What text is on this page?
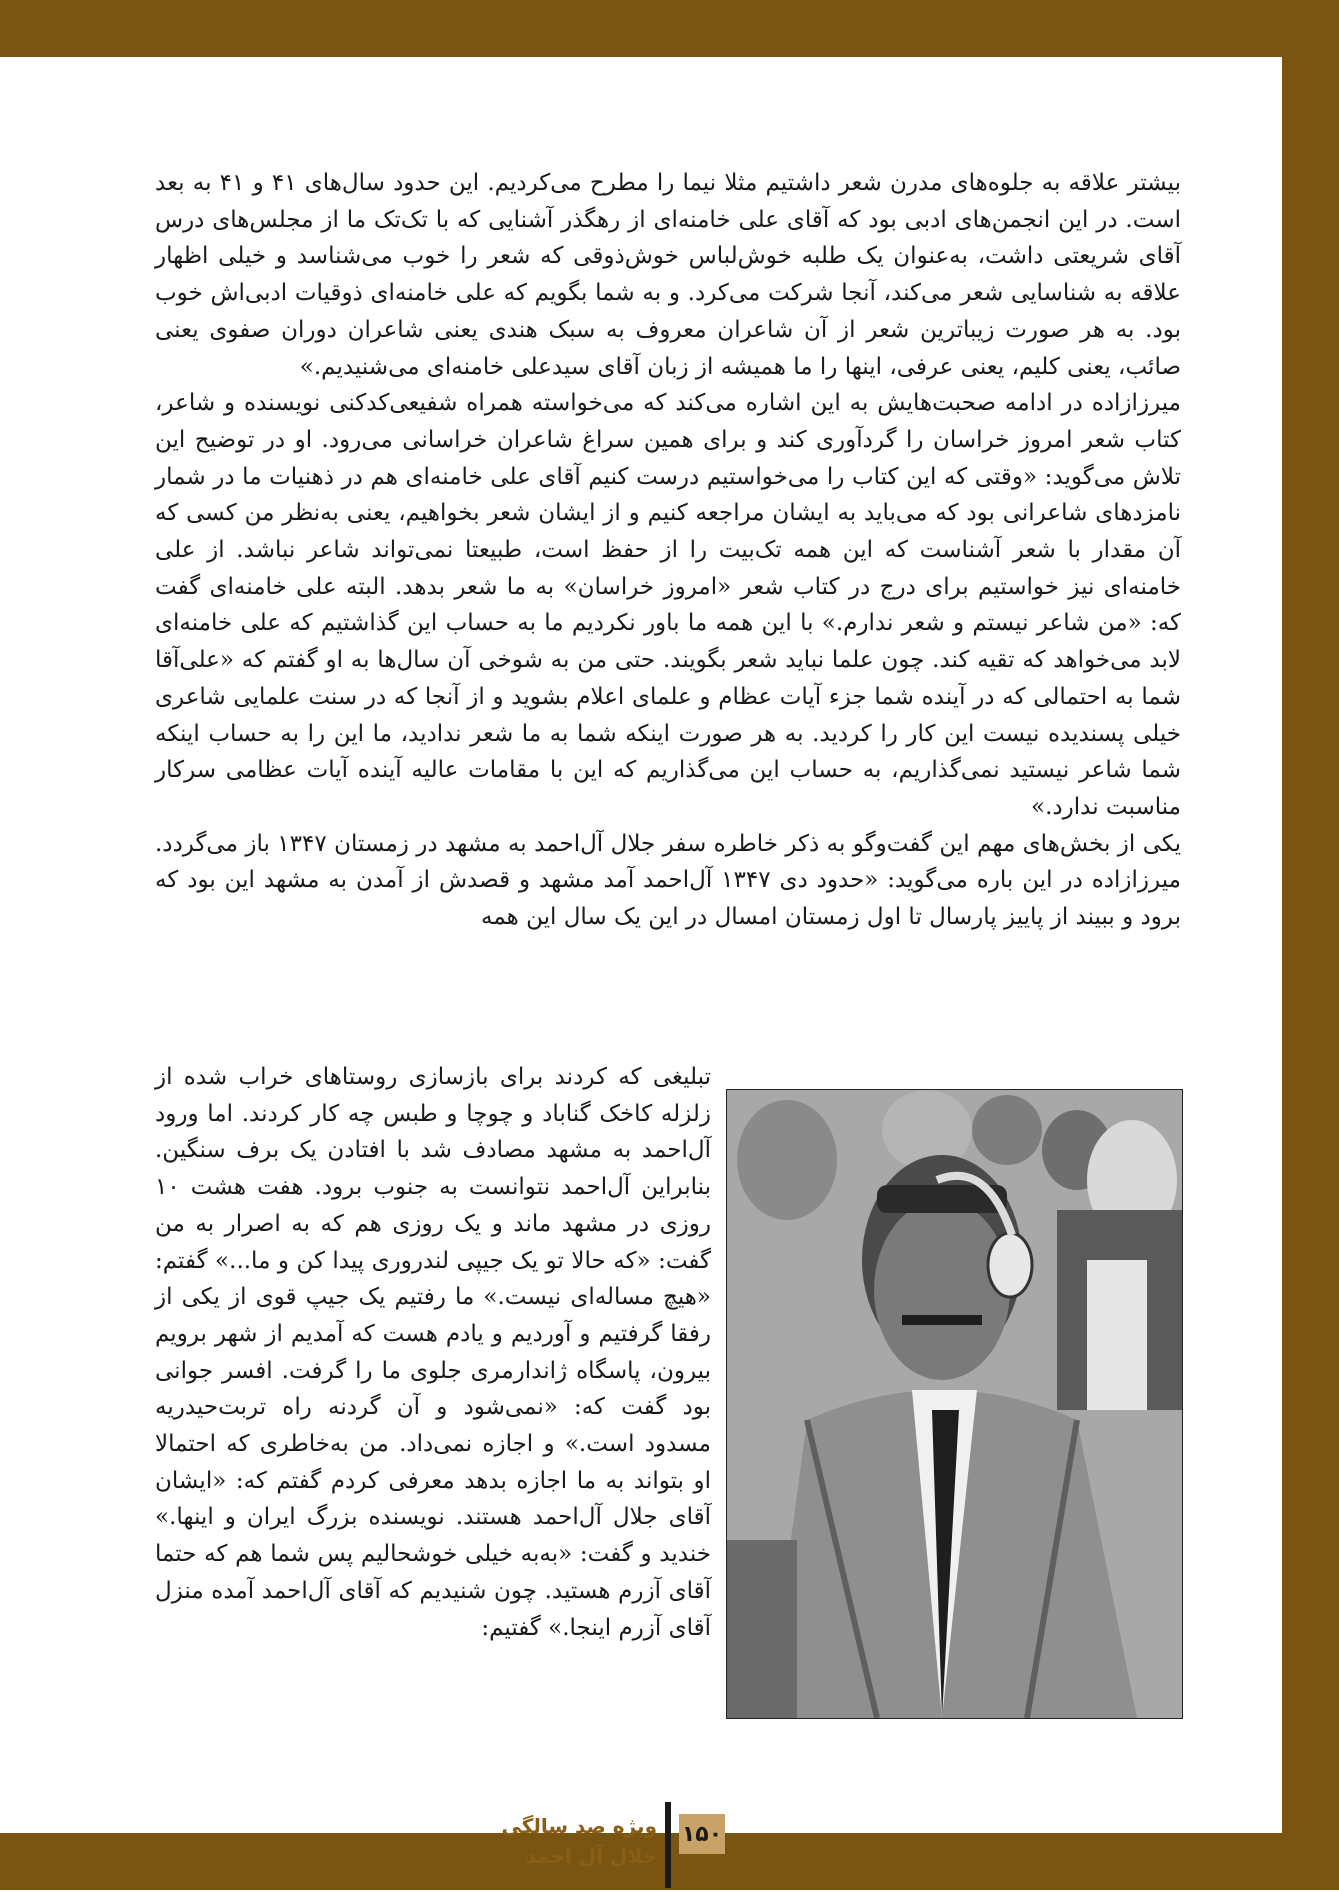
بیشتر علاقه به جلوه‌های مدرن شعر داشتیم مثلا نیما را مطرح می‌کردیم. این حدود سال‌های ۴۱ و ۴۱ به بعد است. در این انجمن‌های ادبی بود که آقای علی خامنه‌ای از رهگذر آشنایی که با تک‌تک ما از مجلس‌های درس آقای شریعتی داشت، به‌عنوان یک طلبه خوش‌لباس خوش‌ذوقی که شعر را خوب می‌شناسد و خیلی اظهار علاقه به شناسایی شعر می‌کند، آنجا شرکت می‌کرد. و به شما بگویم که علی خامنه‌ای ذوقیات ادبی‌اش خوب بود. به هر صورت زیباترین شعر از آن شاعران معروف به سبک هندی یعنی شاعران دوران صفوی یعنی صائب، یعنی کلیم، یعنی عرفی، اینها را ما همیشه از زبان آقای سیدعلی خامنه‌ای می‌شنیدیم.»

میرزازاده در ادامه صحبت‌هایش به این اشاره می‌کند که می‌خواسته همراه شفیعی‌کدکنی نویسنده و شاعر، کتاب شعر امروز خراسان را گردآوری کند و برای همین سراغ شاعران خراسانی می‌رود. او در توضیح این تلاش می‌گوید: «وقتی که این کتاب را می‌خواستیم درست کنیم آقای علی خامنه‌ای هم در ذهنیات ما در شمار نامزدهای شاعرانی بود که می‌باید به ایشان مراجعه کنیم و از ایشان شعر بخواهیم، یعنی به‌نظر من کسی که آن مقدار با شعر آشناست که این همه تک‌بیت را از حفظ است، طبیعتا نمی‌تواند شاعر نباشد. از علی خامنه‌ای نیز خواستیم برای درج در کتاب شعر «امروز خراسان» به ما شعر بدهد. البته علی خامنه‌ای گفت که: «من شاعر نیستم و شعر ندارم.» با این همه ما باور نکردیم ما به حساب این گذاشتیم که علی خامنه‌ای لابد می‌خواهد که تقیه کند. چون علما نباید شعر بگویند. حتی من به شوخی آن سال‌ها به او گفتم که «علی‌آقا شما به احتمالی که در آینده شما جزء آیات عظام و علمای اعلام بشوید و از آنجا که در سنت علمایی شاعری خیلی پسندیده نیست این کار را کردید. به هر صورت اینکه شما به ما شعر ندادید، ما این را به حساب اینکه شما شاعر نیستید نمی‌گذاریم، به حساب این می‌گذاریم که این با مقامات عالیه آینده آیات عظامی سرکار مناسبت ندارد.»

یکی از بخش‌های مهم این گفت‌وگو به ذکر خاطره سفر جلال آل‌احمد به مشهد در زمستان ۱۳۴۷ باز می‌گردد. میرزازاده در این باره می‌گوید: «حدود دی ۱۳۴۷ آل‌احمد آمد مشهد و قصدش از آمدن به مشهد این بود که برود و ببیند از پاییز پارسال تا اول زمستان امسال در این یک سال این همه

تبلیغی که کردند برای بازسازی روستاهای خراب شده از زلزله کاخک گناباد و چوچا و طبس چه کار کردند. اما ورود آل‌احمد به مشهد مصادف شد با افتادن یک برف سنگین. بنابراین آل‌احمد نتوانست به جنوب برود. هفت هشت ۱۰ روزی در مشهد ماند و یک روزی هم که به اصرار به من گفت: «که حالا تو یک جیپی لندروری پیدا کن و ما...» گفتم: «هیچ مساله‌ای نیست.» ما رفتیم یک جیپ قوی از یکی از رفقا گرفتیم و آوردیم و یادم هست که آمدیم از شهر برویم بیرون، پاسگاه ژاندارمری جلوی ما را گرفت. افسر جوانی بود گفت که: «نمی‌شود و آن گردنه راه تربت‌حیدریه مسدود است.» و اجازه نمی‌داد. من به‌خاطری که احتمالا او بتواند به ما اجازه بدهد معرفی کردم گفتم که: «ایشان آقای جلال آل‌احمد هستند. نویسنده بزرگ ایران و اینها.» خندید و گفت: «به‌به خیلی خوشحالیم پس شما هم که حتما آقای آزرم هستید. چون شنیدیم که آقای آل‌احمد آمده منزل آقای آزرم اینجا.» گفتیم:
ویژه صد سالگی
جلال آل احمد
۱۵۰
